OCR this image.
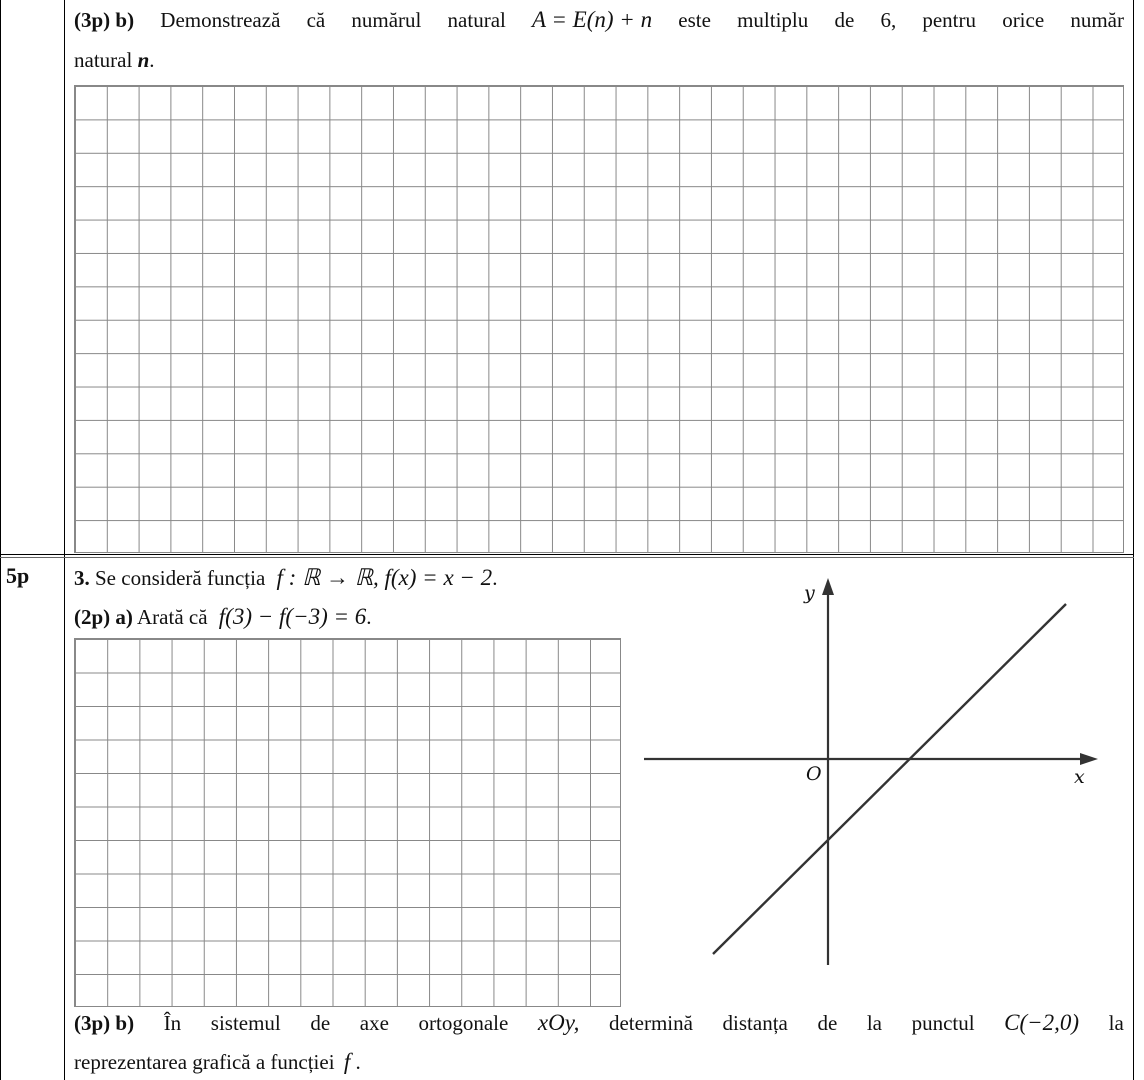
(3p) b) Demonstrează că numărul natural A = E(n) + n este multiplu de 6, pentru orice număr
natural n.
5p 3. Se consideră funcția f : ℝ → ℝ, f(x) = x − 2.
(2p) a) Arată că f(3) − f(−3) = 6.
y
x
O
(3p) b) În sistemul de axe ortogonale xOy, determină distanța de la punctul C(−2,0) la
reprezentarea grafică a funcției f .
